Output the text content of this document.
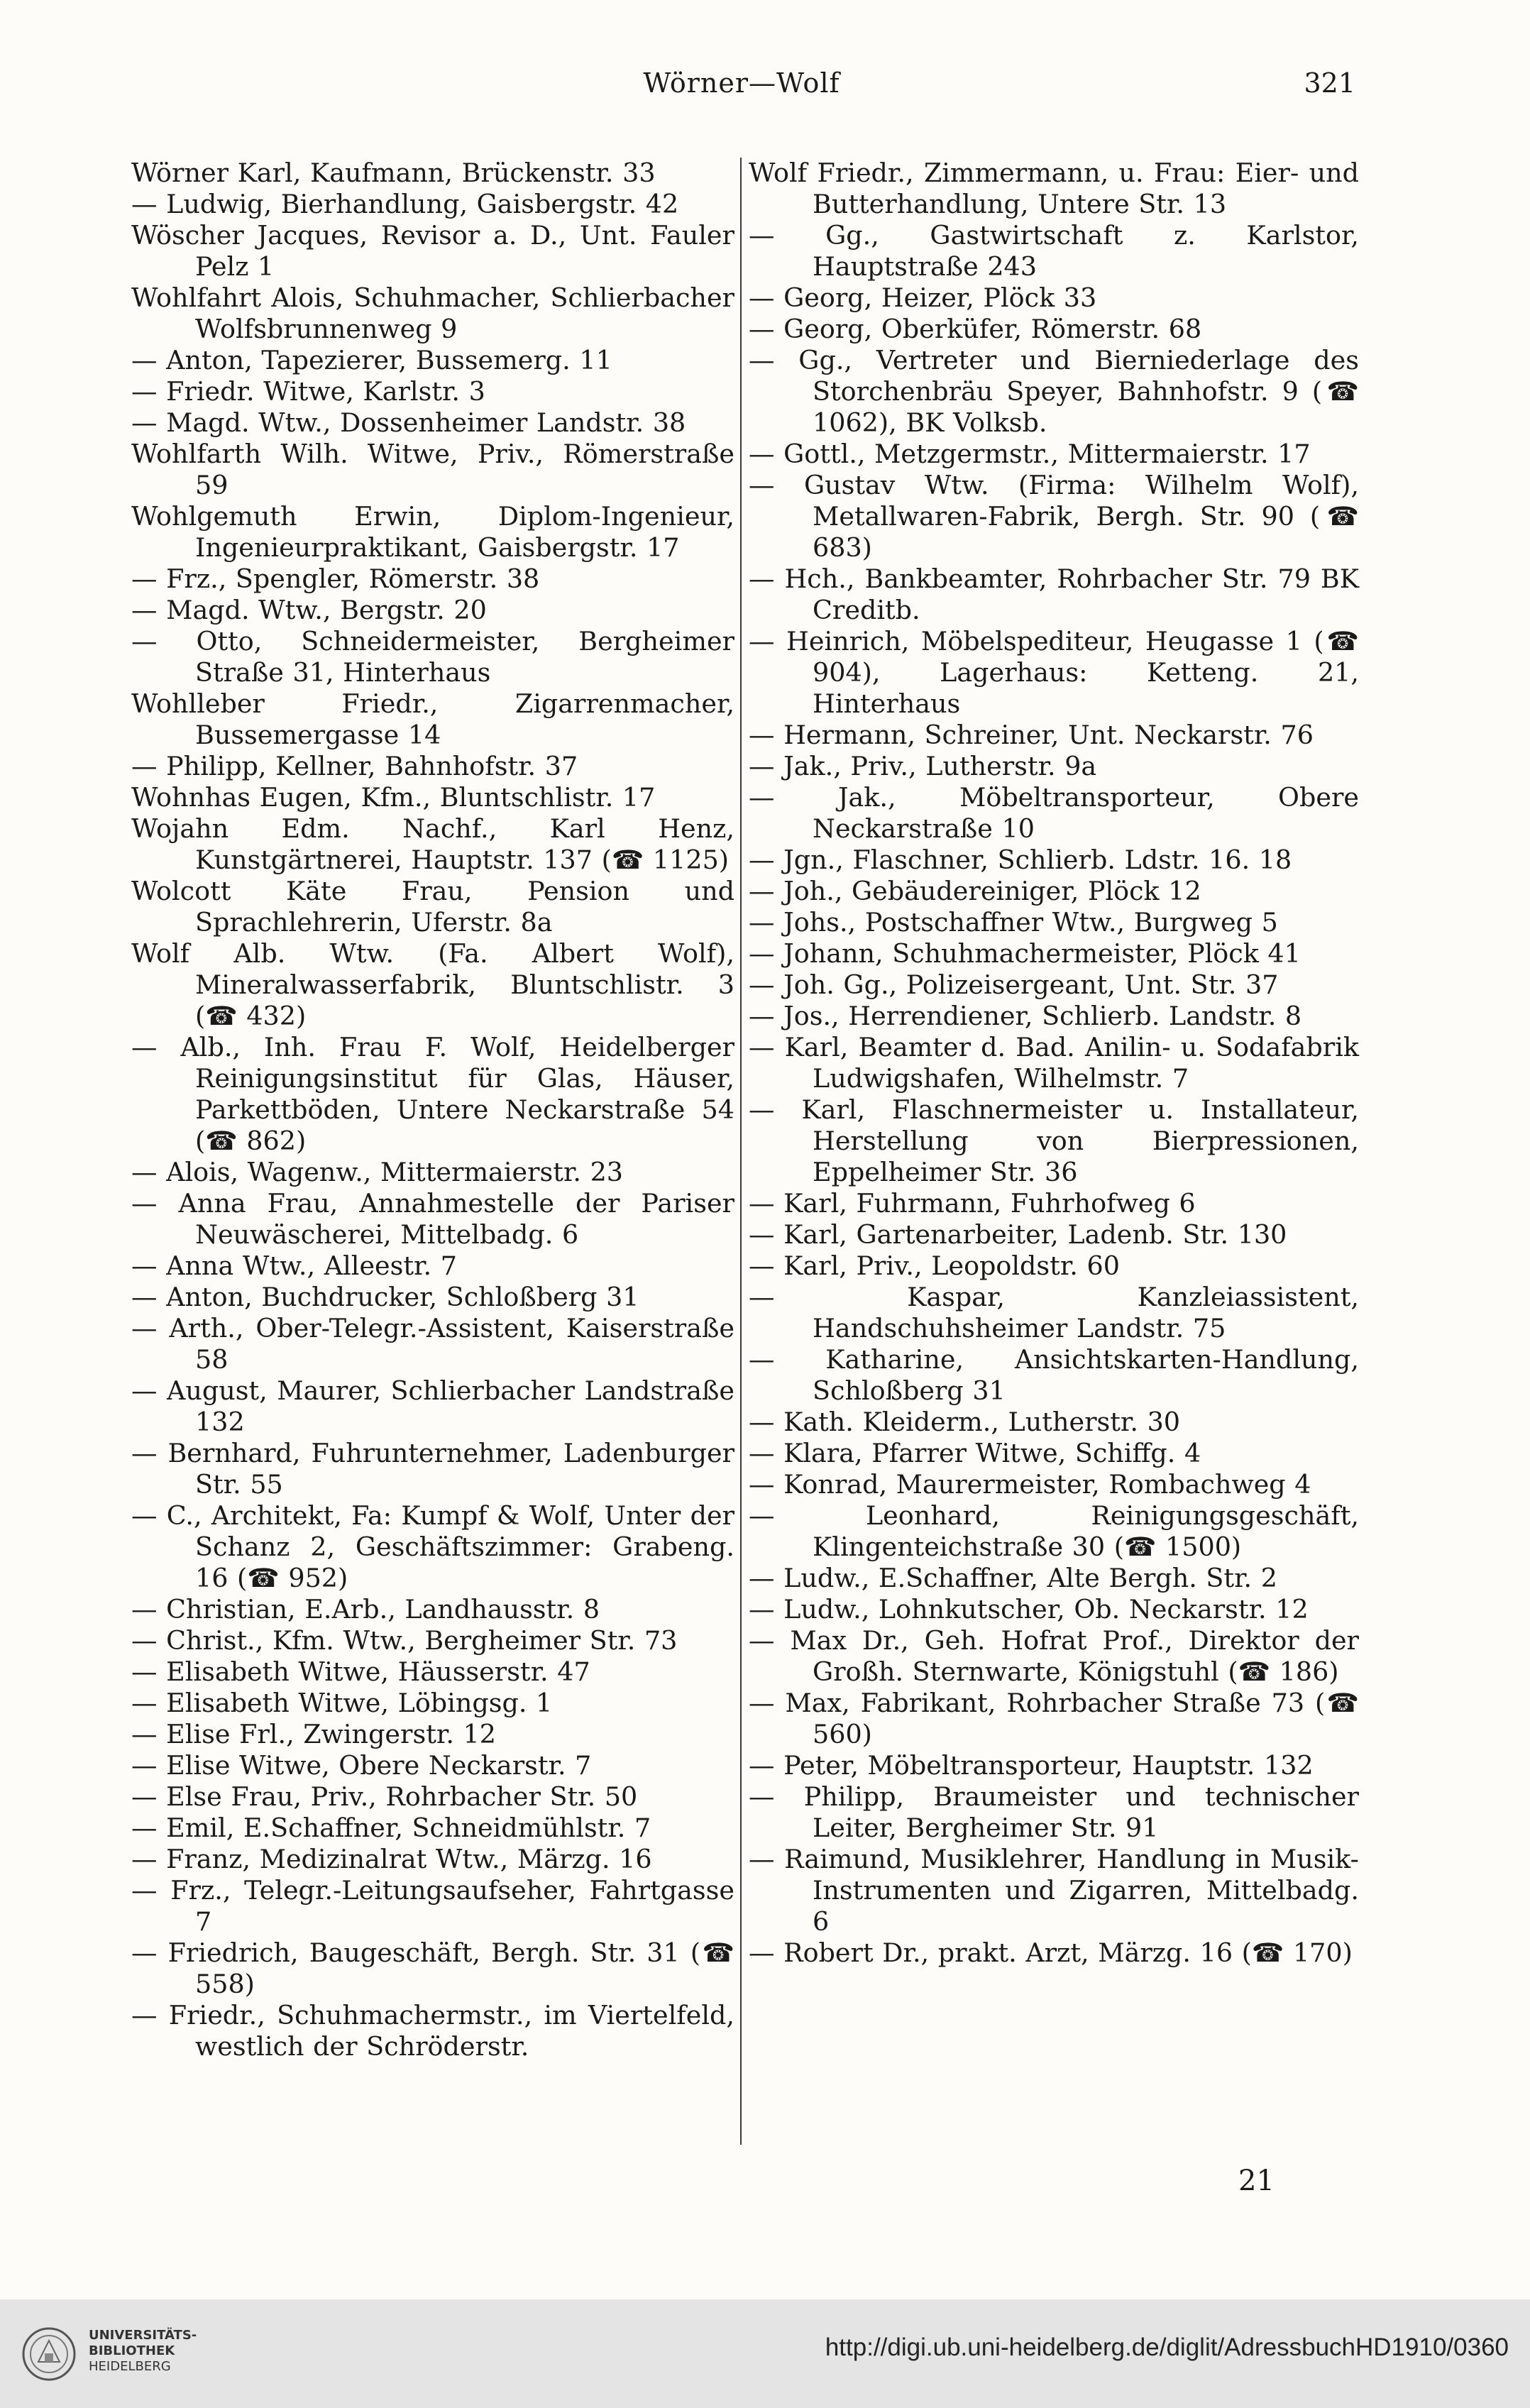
Wörner—Wolf	321
Wörner Karl, Kaufmann, Brückenstr. 33
— Ludwig, Bierhandlung, Gaisbergstr. 42
Wöscher Jacques, Revisor a. D., Unt. Fauler Pelz 1
Wohlfahrt Alois, Schuhmacher, Schlierbacher Wolfsbrunnenweg 9
— Anton, Tapezierer, Bussemerg. 11
— Friedr. Witwe, Karlstr. 3
— Magd. Wtw., Dossenheimer Landstr. 38
Wohlfarth Wilh. Witwe, Priv., Römerstraße 59
Wohlgemuth Erwin, Diplom-Ingenieur, Ingenieurpraktikant, Gaisbergstr. 17
— Frz., Spengler, Römerstr. 38
— Magd. Wtw., Bergstr. 20
— Otto, Schneidermeister, Bergheimer Straße 31, Hinterhaus
Wohlleber Friedr., Zigarrenmacher, Bussemergasse 14
— Philipp, Kellner, Bahnhofstr. 37
Wohnhas Eugen, Kfm., Bluntschlistr. 17
Wojahn Edm. Nachf., Karl Henz, Kunstgärtnerei, Hauptstr. 137 (☎ 1125)
Wolcott Käte Frau, Pension und Sprachlehrerin, Uferstr. 8a
Wolf Alb. Wtw. (Fa. Albert Wolf), Mineralwasserfabrik, Bluntschlistr. 3 (☎ 432)
— Alb., Inh. Frau F. Wolf, Heidelberger Reinigungsinstitut für Glas, Häuser, Parkettböden, Untere Neckarstraße 54 (☎ 862)
— Alois, Wagenw., Mittermaierstr. 23
— Anna Frau, Annahmestelle der Pariser Neuwäscherei, Mittelbadg. 6
— Anna Wtw., Alleestr. 7
— Anton, Buchdrucker, Schloßberg 31
— Arth., Ober-Telegr.-Assistent, Kaiserstraße 58
— August, Maurer, Schlierbacher Landstraße 132
— Bernhard, Fuhrunternehmer, Ladenburger Str. 55
— C., Architekt, Fa: Kumpf & Wolf, Unter der Schanz 2, Geschäftszimmer: Grabeng. 16 (☎ 952)
— Christian, E.Arb., Landhausstr. 8
— Christ., Kfm. Wtw., Bergheimer Str. 73
— Elisabeth Witwe, Häusserstr. 47
— Elisabeth Witwe, Löbingsg. 1
— Elise Frl., Zwingerstr. 12
— Elise Witwe, Obere Neckarstr. 7
— Else Frau, Priv., Rohrbacher Str. 50
— Emil, E.Schaffner, Schneidmühlstr. 7
— Franz, Medizinalrat Wtw., Märzg. 16
— Frz., Telegr.-Leitungsaufseher, Fahrtgasse 7
— Friedrich, Baugeschäft, Bergh. Str. 31 (☎ 558)
— Friedr., Schuhmachermstr., im Viertelfeld, westlich der Schröderstr.
Wolf Friedr., Zimmermann, u. Frau: Eier- und Butterhandlung, Untere Str. 13
— Gg., Gastwirtschaft z. Karlstor, Hauptstraße 243
— Georg, Heizer, Plöck 33
— Georg, Oberküfer, Römerstr. 68
— Gg., Vertreter und Bierniederlage des Storchenbräu Speyer, Bahnhofstr. 9 (☎ 1062), BK Volksb.
— Gottl., Metzgermstr., Mittermaierstr. 17
— Gustav Wtw. (Firma: Wilhelm Wolf), Metallwaren-Fabrik, Bergh. Str. 90 (☎ 683)
— Hch., Bankbeamter, Rohrbacher Str. 79 BK Creditb.
— Heinrich, Möbelspediteur, Heugasse 1 (☎ 904), Lagerhaus: Ketteng. 21, Hinterhaus
— Hermann, Schreiner, Unt. Neckarstr. 76
— Jak., Priv., Lutherstr. 9a
— Jak., Möbeltransporteur, Obere Neckarstraße 10
— Jgn., Flaschner, Schlierb. Ldstr. 16. 18
— Joh., Gebäudereiniger, Plöck 12
— Johs., Postschaffner Wtw., Burgweg 5
— Johann, Schuhmachermeister, Plöck 41
— Joh. Gg., Polizeisergeant, Unt. Str. 37
— Jos., Herrendiener, Schlierb. Landstr. 8
— Karl, Beamter d. Bad. Anilin- u. Sodafabrik Ludwigshafen, Wilhelmstr. 7
— Karl, Flaschnermeister u. Installateur, Herstellung von Bierpressionen, Eppelheimer Str. 36
— Karl, Fuhrmann, Fuhrhofweg 6
— Karl, Gartenarbeiter, Ladenb. Str. 130
— Karl, Priv., Leopoldstr. 60
— Kaspar, Kanzleiassistent, Handschuhsheimer Landstr. 75
— Katharine, Ansichtskarten-Handlung, Schloßberg 31
— Kath. Kleiderm., Lutherstr. 30
— Klara, Pfarrer Witwe, Schiffg. 4
— Konrad, Maurermeister, Rombachweg 4
— Leonhard, Reinigungsgeschäft, Klingenteichstraße 30 (☎ 1500)
— Ludw., E.Schaffner, Alte Bergh. Str. 2
— Ludw., Lohnkutscher, Ob. Neckarstr. 12
— Max Dr., Geh. Hofrat Prof., Direktor der Großh. Sternwarte, Königstuhl (☎ 186)
— Max, Fabrikant, Rohrbacher Straße 73 (☎ 560)
— Peter, Möbeltransporteur, Hauptstr. 132
— Philipp, Braumeister und technischer Leiter, Bergheimer Str. 91
— Raimund, Musiklehrer, Handlung in Musik-Instrumenten und Zigarren, Mittelbadg. 6
— Robert Dr., prakt. Arzt, Märzg. 16 (☎ 170)
21
UNIVERSITÄTS-
BIBLIOTHEK
HEIDELBERG
http://digi.ub.uni-heidelberg.de/diglit/AdressbuchHD1910/0360
